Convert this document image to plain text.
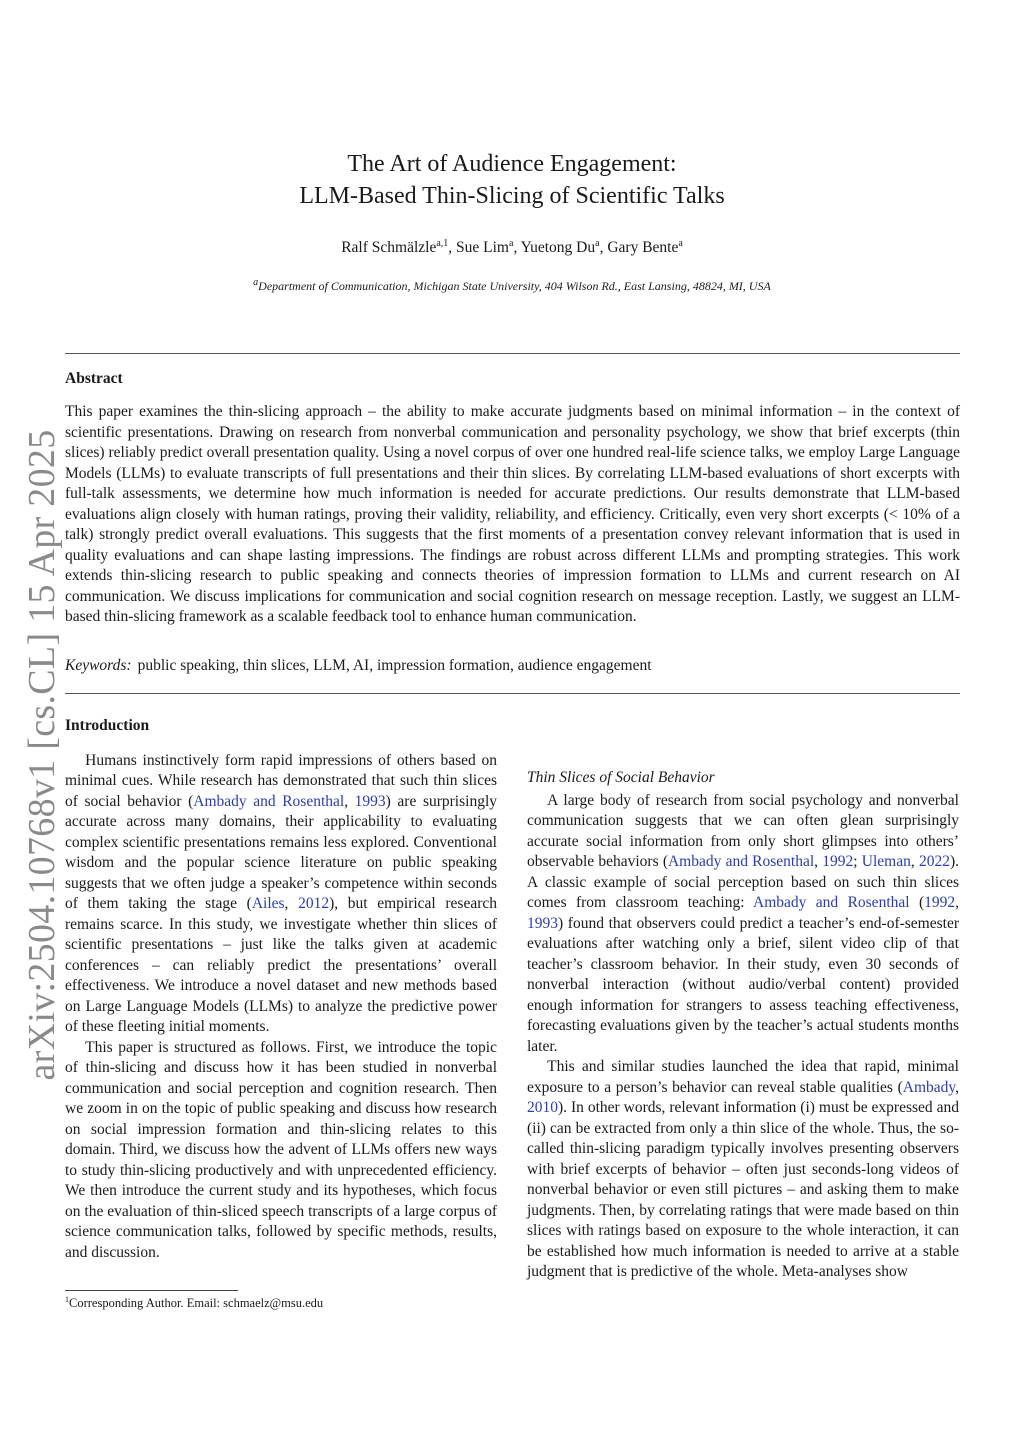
arXiv:2504.10768v1 [cs.CL] 15 Apr 2025
The Art of Audience Engagement:
LLM-Based Thin-Slicing of Scientific Talks
Ralf Schmälzle$^{a,1}$, Sue Lim$^a$, Yuetong Du$^a$, Gary Bente$^a$
$^a$Department of Communication, Michigan State University, 404 Wilson Rd., East Lansing, 48824, MI, USA
Abstract
This paper examines the thin-slicing approach – the ability to make accurate judgments based on minimal information – in the context of scientific presentations. Drawing on research from nonverbal communication and personality psychology, we show that brief excerpts (thin slices) reliably predict overall presentation quality. Using a novel corpus of over one hundred real-life science talks, we employ Large Language Models (LLMs) to evaluate transcripts of full presentations and their thin slices. By correlating LLM-based evaluations of short excerpts with full-talk assessments, we determine how much information is needed for accurate predictions. Our results demonstrate that LLM-based evaluations align closely with human ratings, proving their validity, reliability, and efficiency. Critically, even very short excerpts (< 10% of a talk) strongly predict overall evaluations. This suggests that the first moments of a presentation convey relevant information that is used in quality evaluations and can shape lasting impressions. The findings are robust across different LLMs and prompting strategies. This work extends thin-slicing research to public speaking and connects theories of impression formation to LLMs and current research on AI communication. We discuss implications for communication and social cognition research on message reception. Lastly, we suggest an LLM-based thin-slicing framework as a scalable feedback tool to enhance human communication.
Keywords: public speaking, thin slices, LLM, AI, impression formation, audience engagement
Introduction

Humans instinctively form rapid impressions of others based on minimal cues. While research has demonstrated that such thin slices of social behavior (Ambady and Rosenthal, 1993) are surprisingly accurate across many domains, their applicability to evaluating complex scientific presentations remains less explored. Conventional wisdom and the popular science literature on public speaking suggests that we often judge a speaker’s competence within seconds of them taking the stage (Ailes, 2012), but empirical research remains scarce. In this study, we investigate whether thin slices of scientific presentations – just like the talks given at academic conferences – can reliably predict the presentations’ overall effectiveness. We introduce a novel dataset and new methods based on Large Language Models (LLMs) to analyze the predictive power of these fleeting initial moments.

This paper is structured as follows. First, we introduce the topic of thin-slicing and discuss how it has been studied in nonverbal communication and social perception and cognition research. Then we zoom in on the topic of public speaking and discuss how research on social impression formation and thin-slicing relates to this domain. Third, we discuss how the advent of LLMs offers new ways to study thin-slicing productively and with unprecedented efficiency. We then introduce the current study and its hypotheses, which focus on the evaluation of thin-sliced speech transcripts of a large corpus of science communication talks, followed by specific methods, results, and discussion.

Thin Slices of Social Behavior

A large body of research from social psychology and nonverbal communication suggests that we can often glean surprisingly accurate social information from only short glimpses into others’ observable behaviors (Ambady and Rosenthal, 1992; Uleman, 2022). A classic example of social perception based on such thin slices comes from classroom teaching: Ambady and Rosenthal (1992, 1993) found that observers could predict a teacher’s end-of-semester evaluations after watching only a brief, silent video clip of that teacher’s classroom behavior. In their study, even 30 seconds of nonverbal interaction (without audio/verbal content) provided enough information for strangers to assess teaching effectiveness, forecasting evaluations given by the teacher’s actual students months later.

This and similar studies launched the idea that rapid, minimal exposure to a person’s behavior can reveal stable qualities (Ambady, 2010). In other words, relevant information (i) must be expressed and (ii) can be extracted from only a thin slice of the whole. Thus, the so-called thin-slicing paradigm typically involves presenting observers with brief excerpts of behavior – often just seconds-long videos of nonverbal behavior or even still pictures – and asking them to make judgments. Then, by correlating ratings that were made based on thin slices with ratings based on exposure to the whole interaction, it can be established how much information is needed to arrive at a stable judgment that is predictive of the whole. Meta-analyses show

$^1$Corresponding Author. Email: schmaelz@msu.edu
